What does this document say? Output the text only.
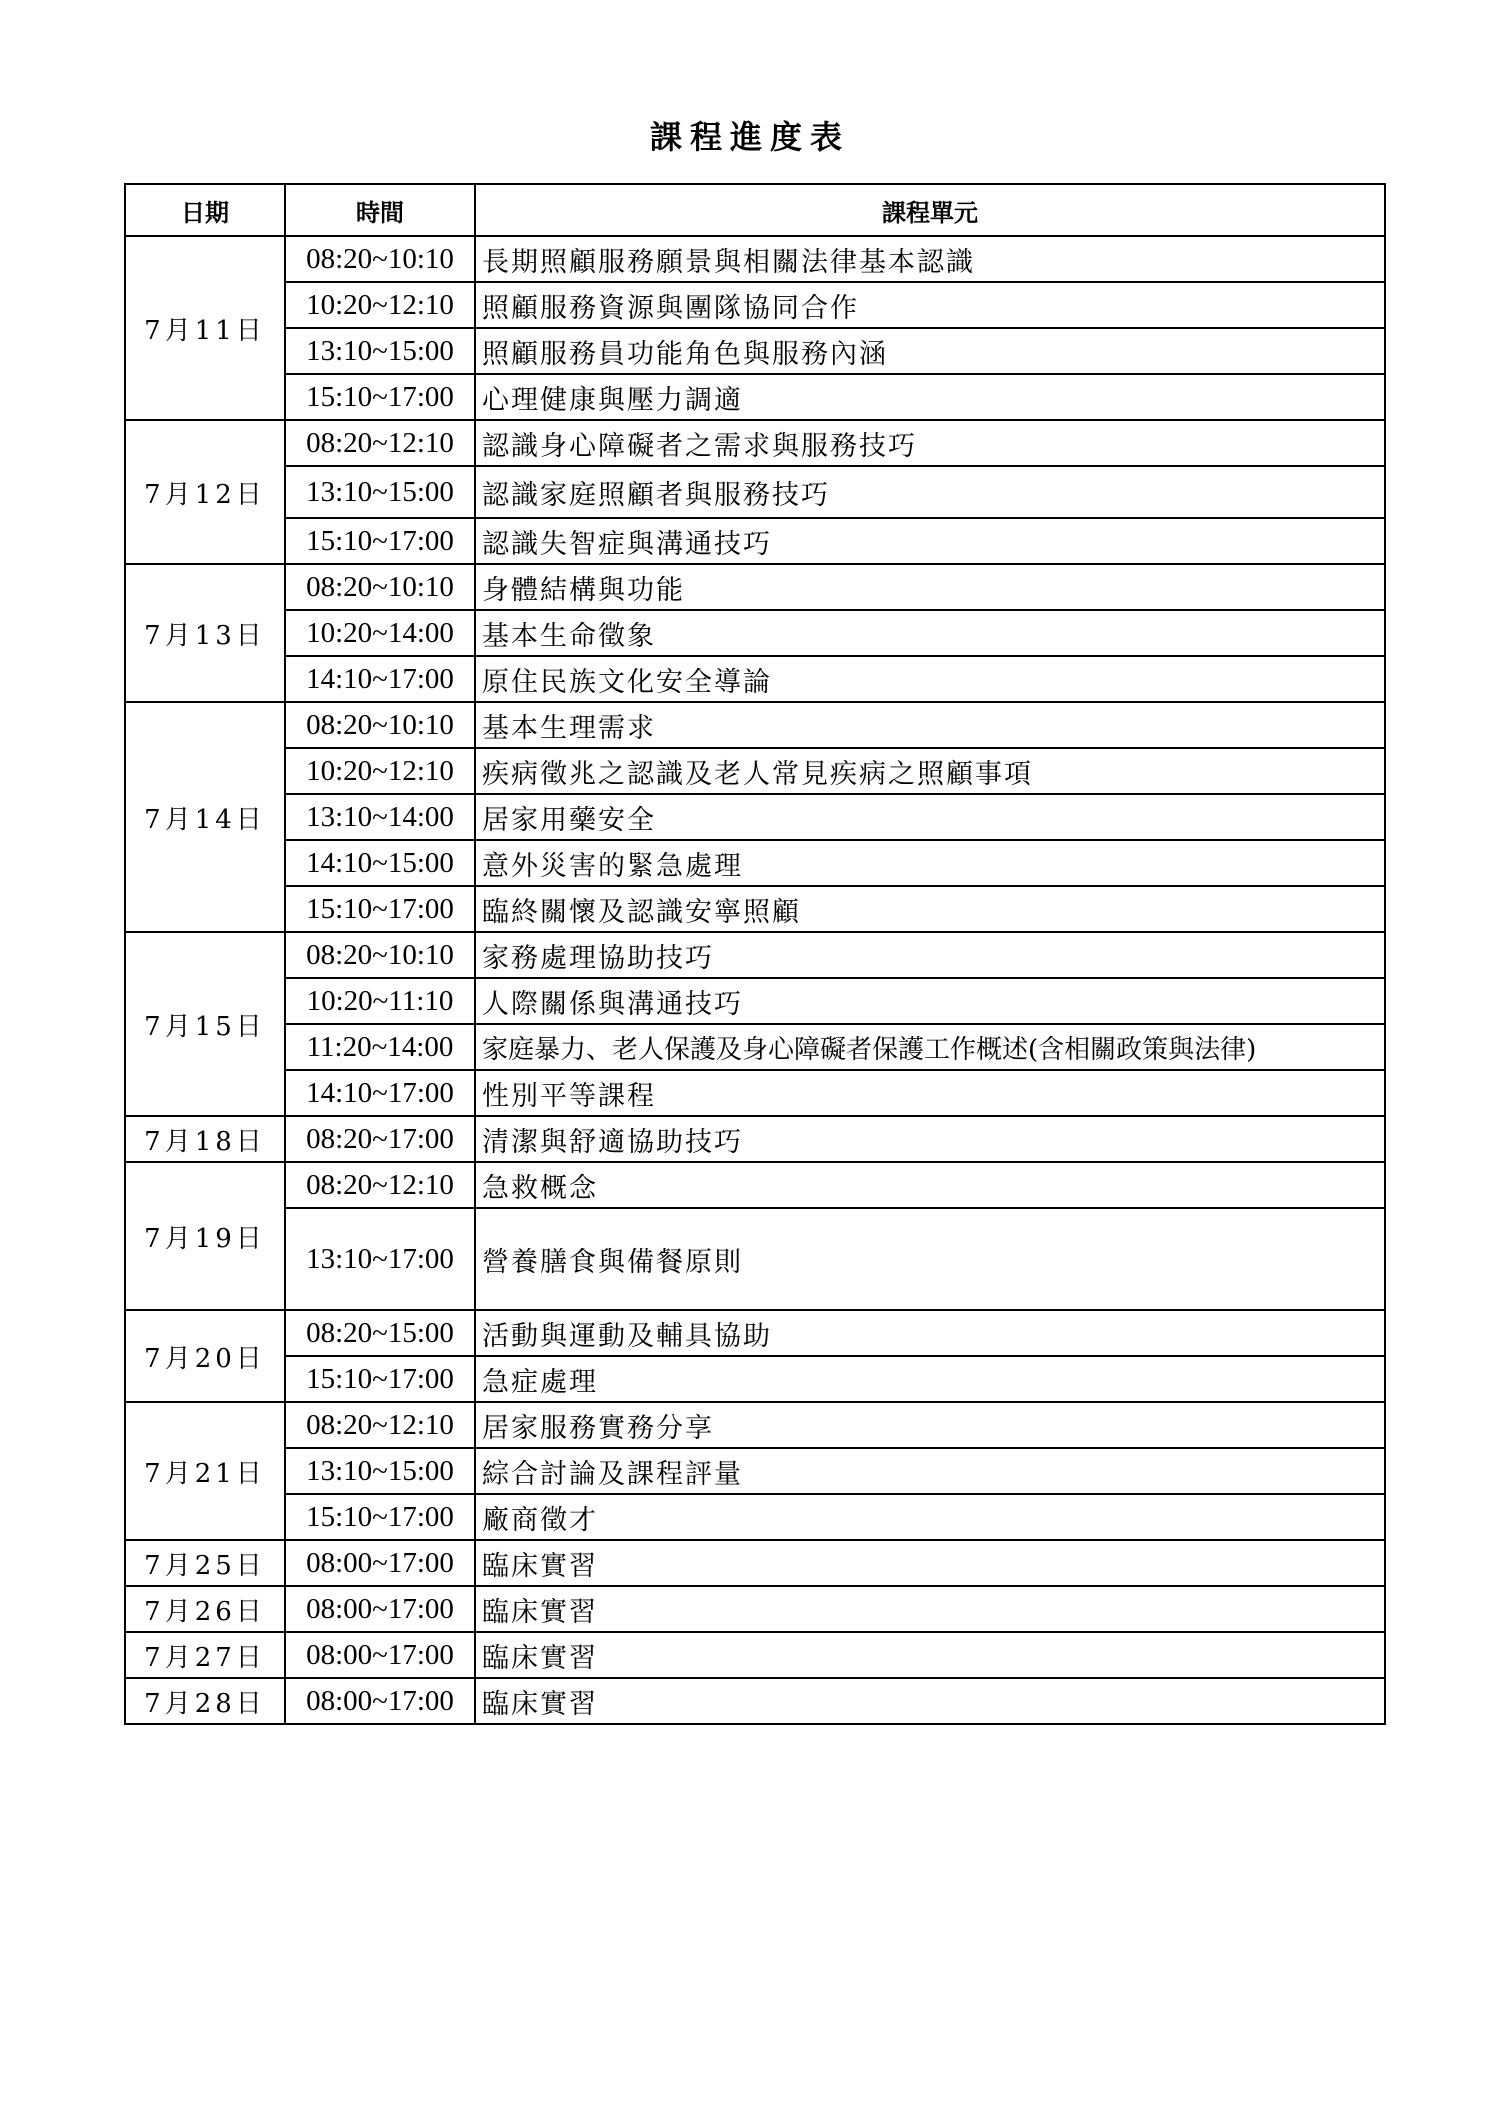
課程進度表
日期	時間	課程單元
7月11日	08:20~10:10	長期照顧服務願景與相關法律基本認識
	10:20~12:10	照顧服務資源與團隊協同合作
	13:10~15:00	照顧服務員功能角色與服務內涵
	15:10~17:00	心理健康與壓力調適
7月12日	08:20~12:10	認識身心障礙者之需求與服務技巧
	13:10~15:00	認識家庭照顧者與服務技巧
	15:10~17:00	認識失智症與溝通技巧
7月13日	08:20~10:10	身體結構與功能
	10:20~14:00	基本生命徵象
	14:10~17:00	原住民族文化安全導論
7月14日	08:20~10:10	基本生理需求
	10:20~12:10	疾病徵兆之認識及老人常見疾病之照顧事項
	13:10~14:00	居家用藥安全
	14:10~15:00	意外災害的緊急處理
	15:10~17:00	臨終關懷及認識安寧照顧
7月15日	08:20~10:10	家務處理協助技巧
	10:20~11:10	人際關係與溝通技巧
	11:20~14:00	家庭暴力、老人保護及身心障礙者保護工作概述(含相關政策與法律)
	14:10~17:00	性別平等課程
7月18日	08:20~17:00	清潔與舒適協助技巧
7月19日	08:20~12:10	急救概念
	13:10~17:00	營養膳食與備餐原則
7月20日	08:20~15:00	活動與運動及輔具協助
	15:10~17:00	急症處理
7月21日	08:20~12:10	居家服務實務分享
	13:10~15:00	綜合討論及課程評量
	15:10~17:00	廠商徵才
7月25日	08:00~17:00	臨床實習
7月26日	08:00~17:00	臨床實習
7月27日	08:00~17:00	臨床實習
7月28日	08:00~17:00	臨床實習
